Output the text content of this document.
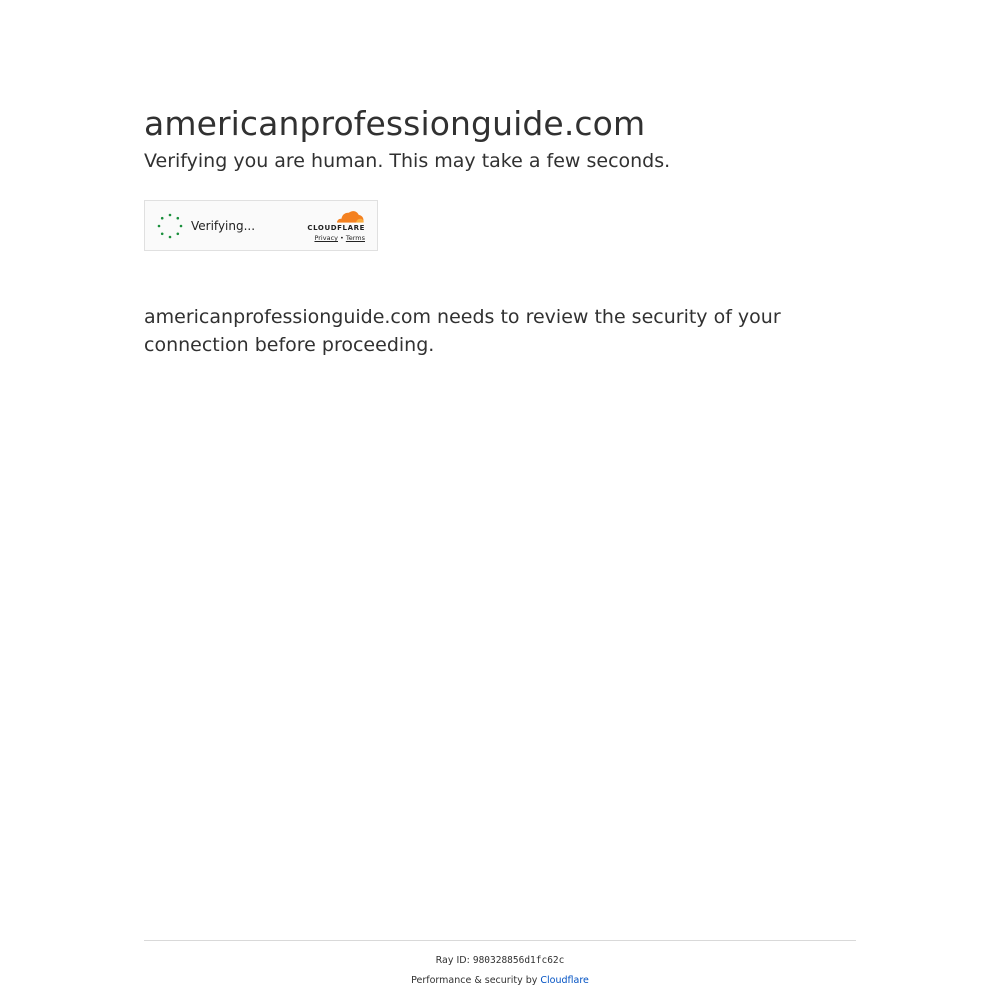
americanprofessionguide.com
Verifying you are human. This may take a few seconds.
Verifying...	CLOUDFLARE
Privacy • Terms

americanprofessionguide.com needs to review the security of your connection before proceeding.

Ray ID: 980328856d1fc62c
Performance & security by Cloudflare
